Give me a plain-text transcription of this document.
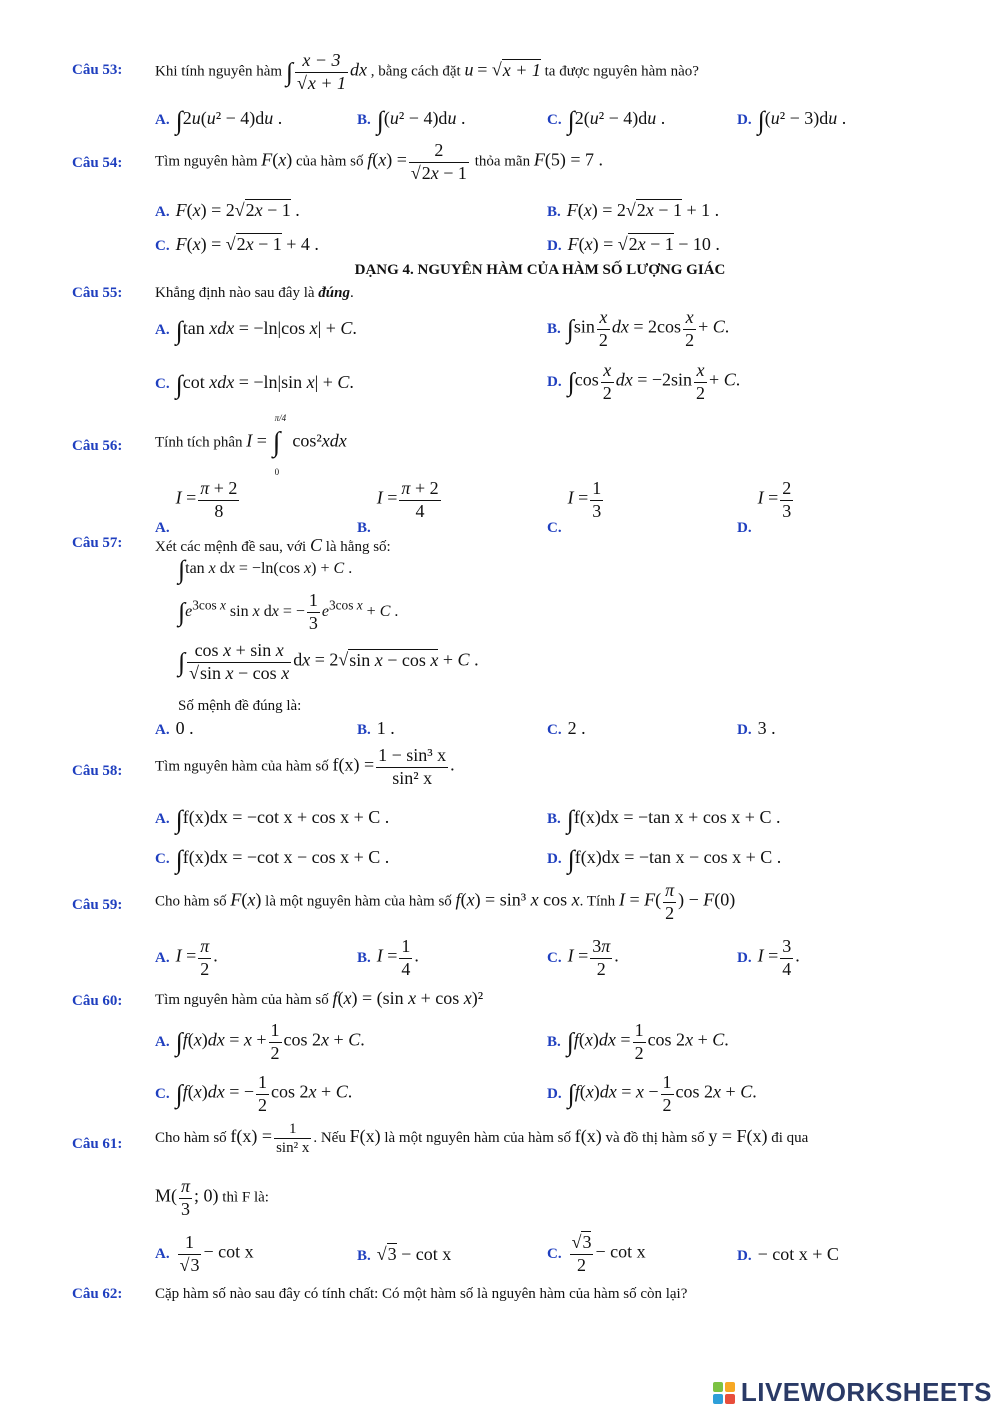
Câu 53: Khi tính nguyên hàm ∫ $\frac{x - 3}{√x + 1}$ dx , bằng cách đặt u = √x + 1 ta được nguyên hàm nào?
A. ∫2u(u² − 4)du .	B. ∫(u² − 4)du .	C. ∫2(u² − 4)du .	D. ∫(u² − 3)du .
Câu 54: Tìm nguyên hàm F(x) của hàm số $f(x) = \frac{2}{√2x - 1}$ thỏa mãn F(5) = 7 .
A. F(x) = 2√2x − 1 .	B. F(x) = 2√2x − 1 + 1 .
C. F(x) = √2x − 1 + 4 .	D. F(x) = √2x − 1 − 10 .
DẠNG 4. NGUYÊN HÀM CỦA HÀM SỐ LƯỢNG GIÁC
Câu 55: Khẳng định nào sau đây là đúng.
A. ∫tan xdx = −ln|cos x| + C.	B. $\int\sin \frac{x}{2}$ dx = $2\cos \frac{x}{2} + C$.
C. ∫cot xdx = −ln|sin x| + C.	D. $\int\cos \frac{x}{2}$ dx = $-2\sin \frac{x}{2} + C$.
Câu 56: Tính tích phân I =
π/4
∫
0
cos²xdx
$A.I = \frac{\pi + 2}{8}$
$B.I = \frac{\pi + 2}{4}$
$C.I = \frac{1}{3}$
$D.I = \frac{2}{3}$
Câu 57: Xét các mệnh đề sau, với C là hằng số:
∫tan x dx = −ln(cos x) + C .
$\int e^{3cos x}$ sin x dx = − $\frac{1}{3} e^{3cos x} + C$ .
∫ $\frac{\text{cos x + sin x}}{\text{√sin x − cos x}}$ dx = 2√sin x − cos x + C .
Số mệnh đề đúng là:
A. 0 .	B. 1 .	C. 2 .	D. 3 .
Câu 58: Tìm nguyên hàm của hàm số $f(x) = \frac{\text{1 − sin³ x}}{\text{sin² x}}$ .
A. ∫f(x)dx = −cot x + cos x + C .	B. ∫f(x)dx = −tan x + cos x + C .
C. ∫f(x)dx = −cot x − cos x + C .	D. ∫f(x)dx = −tan x − cos x + C .
Câu 59: Cho hàm số F(x) là một nguyên hàm của hàm số f(x) = sin³ x cos x. Tính $I = F( \frac{\pi}{2}$ ) − F(0)
A. $I = \frac{\pi}{2}$ .	B. $I = \frac{1}{4}$ .	C. $I = \frac{3\pi}{2}$ .	D. $I = \frac{3}{4}$ .
Câu 60: Tìm nguyên hàm của hàm số f(x) = (sin x + cos x)²
A. $\int f(x)dx = x + \frac{1}{2}$ cos 2x + C.	B. $\int f(x)dx = \frac{1}{2}$ cos 2x + C.
C. ∫f(x)dx = − $\frac{1}{2}$ cos 2x + C.	D. $\int f(x)dx = x - \frac{1}{2}$ cos 2x + C.
Câu 61: Cho hàm số $f(x) = \frac{1}{\text{sin² x}}$ . Nếu F(x) là một nguyên hàm của hàm số f(x) và đồ thị hàm số y = F(x) đi qua
$M( \frac{\pi}{3}$ ; 0) thì F là:
A. $\frac{1}{√3} - \cot x$	B. √3 − cot x	C. $\frac{√3}{2} - \cot x$	D. − cot x + C
Câu 62: Cặp hàm số nào sau đây có tính chất: Có một hàm số là nguyên hàm của hàm số còn lại?
LIVEWORKSHEETS
